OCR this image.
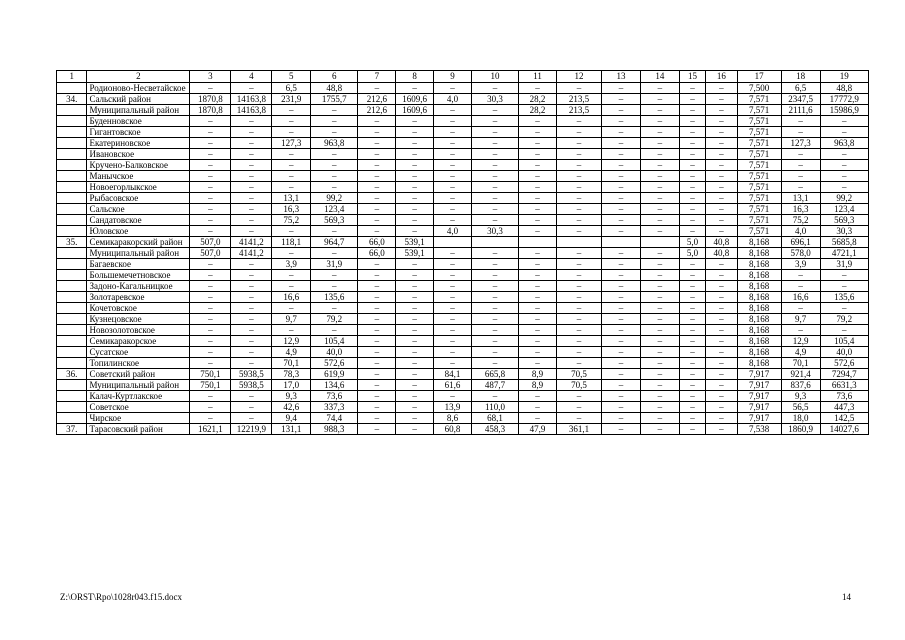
1	2	3	4	5	6	7	8	9	10	11	12	13	14	15	16	17	18	19
	Родионово-Несветайское	–	–	6,5	48,8	–	–	–	–	–	–	–	–	–	–	7,500	6,5	48,8
34.	Сальский район	1870,8	14163,8	231,9	1755,7	212,6	1609,6	4,0	30,3	28,2	213,5	–	–	–	–	7,571	2347,5	17772,9
	Муниципальный район	1870,8	14163,8	–	–	212,6	1609,6	–	–	28,2	213,5	–	–	–	–	7,571	2111,6	15986,9
	Буденновское	–	–	–	–	–	–	–	–	–	–	–	–	–	–	7,571	–	–
	Гигантовское	–	–	–	–	–	–	–	–	–	–	–	–	–	–	7,571	–	–
	Екатериновское	–	–	127,3	963,8	–	–	–	–	–	–	–	–	–	–	7,571	127,3	963,8
	Ивановское	–	–	–	–	–	–	–	–	–	–	–	–	–	–	7,571	–	–
	Кручено-Балковское	–	–	–	–	–	–	–	–	–	–	–	–	–	–	7,571	–	–
	Манычское	–	–	–	–	–	–	–	–	–	–	–	–	–	–	7,571	–	–
	Новоегорлыкское	–	–	–	–	–	–	–	–	–	–	–	–	–	–	7,571	–	–
	Рыбасовское	–	–	13,1	99,2	–	–	–	–	–	–	–	–	–	–	7,571	13,1	99,2
	Сальское	–	–	16,3	123,4	–	–	–	–	–	–	–	–	–	–	7,571	16,3	123,4
	Сандатовское	–	–	75,2	569,3	–	–	–	–	–	–	–	–	–	–	7,571	75,2	569,3
	Юловское	–	–	–	–	–	–	4,0	30,3	–	–	–	–	–	–	7,571	4,0	30,3
35.	Семикаракорский район	507,0	4141,2	118,1	964,7	66,0	539,1							5,0	40,8	8,168	696,1	5685,8
	Муниципальный район	507,0	4141,2	–	–	66,0	539,1	–	–	–	–	–	–	5,0	40,8	8,168	578,0	4721,1
	Багаевское	–	–	3,9	31,9	–	–	–	–	–	–	–	–	–	–	8,168	3,9	31,9
	Большемечетновское	–	–	–	–	–	–	–	–	–	–	–	–	–	–	8,168	–	–
	Задоно-Кагальницкое	–	–	–	–	–	–	–	–	–	–	–	–	–	–	8,168	–	–
	Золотаревское	–	–	16,6	135,6	–	–	–	–	–	–	–	–	–	–	8,168	16,6	135,6
	Кочетовское	–	–	–	–	–	–	–	–	–	–	–	–	–	–	8,168	–	–
	Кузнецовское	–	–	9,7	79,2	–	–	–	–	–	–	–	–	–	–	8,168	9,7	79,2
	Новозолотовское	–	–	–	–	–	–	–	–	–	–	–	–	–	–	8,168	–	–
	Семикаракорское	–	–	12,9	105,4	–	–	–	–	–	–	–	–	–	–	8,168	12,9	105,4
	Сусатское	–	–	4,9	40,0	–	–	–	–	–	–	–	–	–	–	8,168	4,9	40,0
	Топилинское	–	–	70,1	572,6	–	–	–	–	–	–	–	–	–	–	8,168	70,1	572,6
36.	Советский район	750,1	5938,5	78,3	619,9	–	–	84,1	665,8	8,9	70,5	–	–	–	–	7,917	921,4	7294,7
	Муниципальный район	750,1	5938,5	17,0	134,6	–	–	61,6	487,7	8,9	70,5	–	–	–	–	7,917	837,6	6631,3
	Калач-Куртлакское	–	–	9,3	73,6	–	–	–	–	–	–	–	–	–	–	7,917	9,3	73,6
	Советское	–	–	42,6	337,3	–	–	13,9	110,0	–	–	–	–	–	–	7,917	56,5	447,3
	Чирское	–	–	9,4	74,4	–	–	8,6	68,1	–	–	–	–	–	–	7,917	18,0	142,5
37.	Тарасовский район	1621,1	12219,9	131,1	988,3	–	–	60,8	458,3	47,9	361,1	–	–	–	–	7,538	1860,9	14027,6
Z:\ORST\Rpo\1028r043.f15.docx	14
